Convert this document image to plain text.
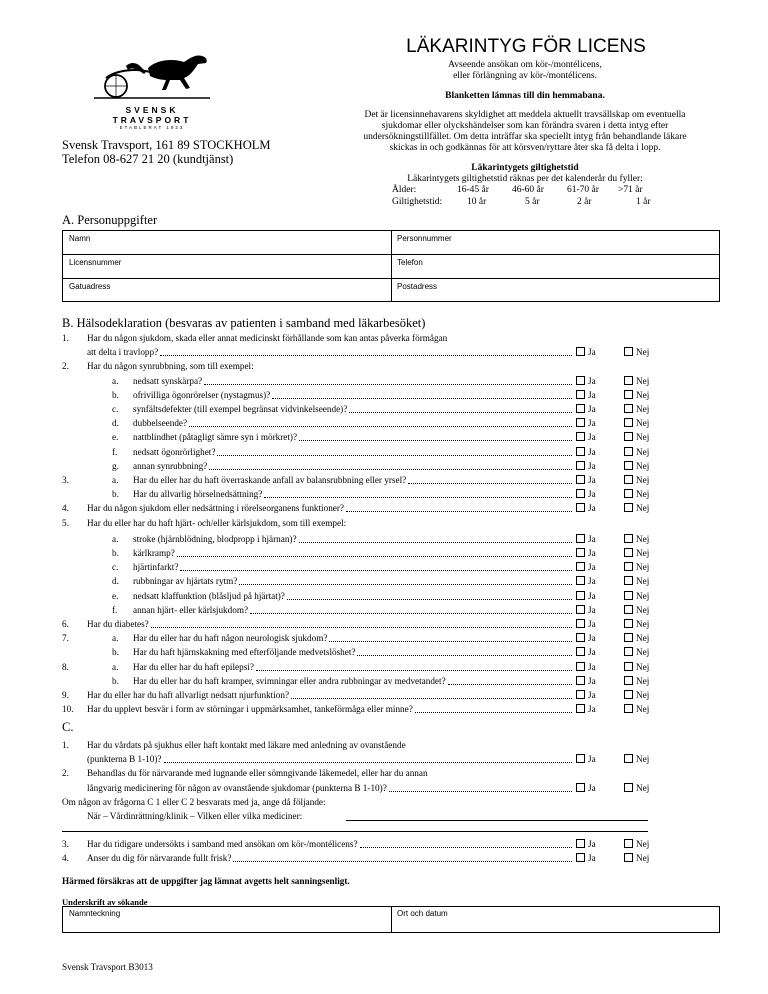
SVENSK TRAVSPORT
ETABLERAT 1923
LÄKARINTYG FÖR LICENS
Avseende ansökan om kör-/montélicens,
eller förlängning av kör-/montélicens.
Blanketten lämnas till din hemmabana.
Det är licensinnehavarens skyldighet att meddela aktuellt travsällskap om eventuella
sjukdomar eller olyckshändelser som kan förändra svaren i detta intyg efter
undersökningstillfället. Om detta inträffar ska speciellt intyg från behandlande läkare
skickas in och godkännas för att körsven/ryttare åter ska få delta i lopp.
Läkarintygets giltighetstid
Läkarintygets giltighetstid räknas per det kalenderår du fyller:
Ålder:	16-45 år 46-60 år 61-70 år >71 år
Giltighetstid:	10 år	5 år	2 år	1 år
Svensk Travsport, 161 89 STOCKHOLM
Telefon 08-627 21 20 (kundtjänst)
A. Personuppgifter
Namn	Personnummer
Licensnummer	Telefon
Gatuadress	Postadress
B. Hälsodeklaration (besvaras av patienten i samband med läkarbesöket)
1. Har du någon sjukdom, skada eller annat medicinskt förhållande som kan antas påverka förmågan
att delta i travlopp?	Ja	Nej
2. Har du någon synrubbning, som till exempel:
a. nedsatt synskärpa?	Ja	Nej
b. ofrivilliga ögonrörelser (nystagmus)?	Ja	Nej
c. synfältsdefekter (till exempel begränsat vidvinkelseende)?	Ja	Nej
d. dubbelseende?	Ja	Nej
e. nattblindhet (påtagligt sämre syn i mörkret)?	Ja	Nej
f. nedsatt ögonrörlighet?	Ja	Nej
g. annan synrubbning?	Ja	Nej
3.	a. Har du eller har du haft överraskande anfall av balansrubbning eller yrsel?	Ja	Nej
b. Har du allvarlig hörselnedsättning?	Ja	Nej
4. Har du någon sjukdom eller nedsättning i rörelseorganens funktioner?	Ja	Nej
5. Har du eller har du haft hjärt- och/eller kärlsjukdom, som till exempel:
a. stroke (hjärnblödning, blodpropp i hjärnan)?	Ja	Nej
b. kärlkramp?	Ja	Nej
c. hjärtinfarkt?	Ja	Nej
d. rubbningar av hjärtats rytm?	Ja	Nej
e. nedsatt klaffunktion (blåsljud på hjärtat)?	Ja	Nej
f. annan hjärt- eller kärlsjukdom?	Ja	Nej
6. Har du diabetes?	Ja	Nej
7.	a. Har du eller har du haft någon neurologisk sjukdom?	Ja	Nej
b. Har du haft hjärnskakning med efterföljande medvetslöshet?	Ja	Nej
8.	a. Har du eller har du haft epilepsi?	Ja	Nej
b. Har du eller har du haft kramper, svimningar eller andra rubbningar av medvetandet?	Ja	Nej
9. Har du eller har du haft allvarligt nedsatt njurfunktion?	Ja	Nej
10. Har du upplevt besvär i form av störningar i uppmärksamhet, tankeförmåga eller minne?	Ja	Nej
1. Har du vårdats på sjukhus eller haft kontakt med läkare med anledning av ovanstående
(punkterna B 1-10)?	Ja	Nej
2. Behandlas du för närvarande med lugnande eller sömngivande läkemedel, eller har du annan
långvarig medicinering för någon av ovanstående sjukdomar (punkterna B 1-10)?	Ja	Nej
3. Har du tidigare undersökts i samband med ansökan om kör-/montélicens?	Ja	Nej
4. Anser du dig för närvarande fullt frisk?	Ja	Nej
C.
Om någon av frågorna C 1 eller C 2 besvarats med ja, ange då följande:
När – Vårdinrättning/klinik – Vilken eller vilka mediciner:
Härmed försäkras att de uppgifter jag lämnat avgetts helt sanningsenligt.
Underskrift av sökande
Namnteckning	Ort och datum
Svensk Travsport B3013
